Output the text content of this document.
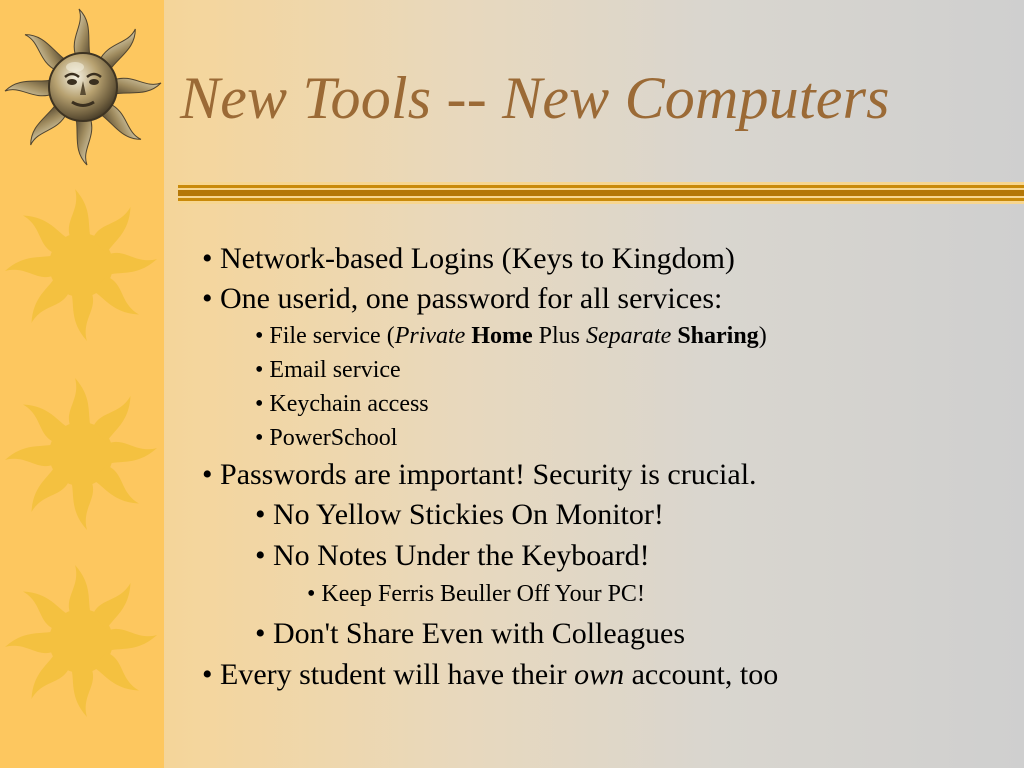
New Tools -- New Computers
• Network-based Logins (Keys to Kingdom)
• One userid, one password for all services:
• File service (Private Home Plus Separate Sharing)
• Email service
• Keychain access
• PowerSchool
• Passwords are important! Security is crucial.
• No Yellow Stickies On Monitor!
• No Notes Under the Keyboard!
• Keep Ferris Beuller Off Your PC!
• Don't Share Even with Colleagues
• Every student will have their own account, too
